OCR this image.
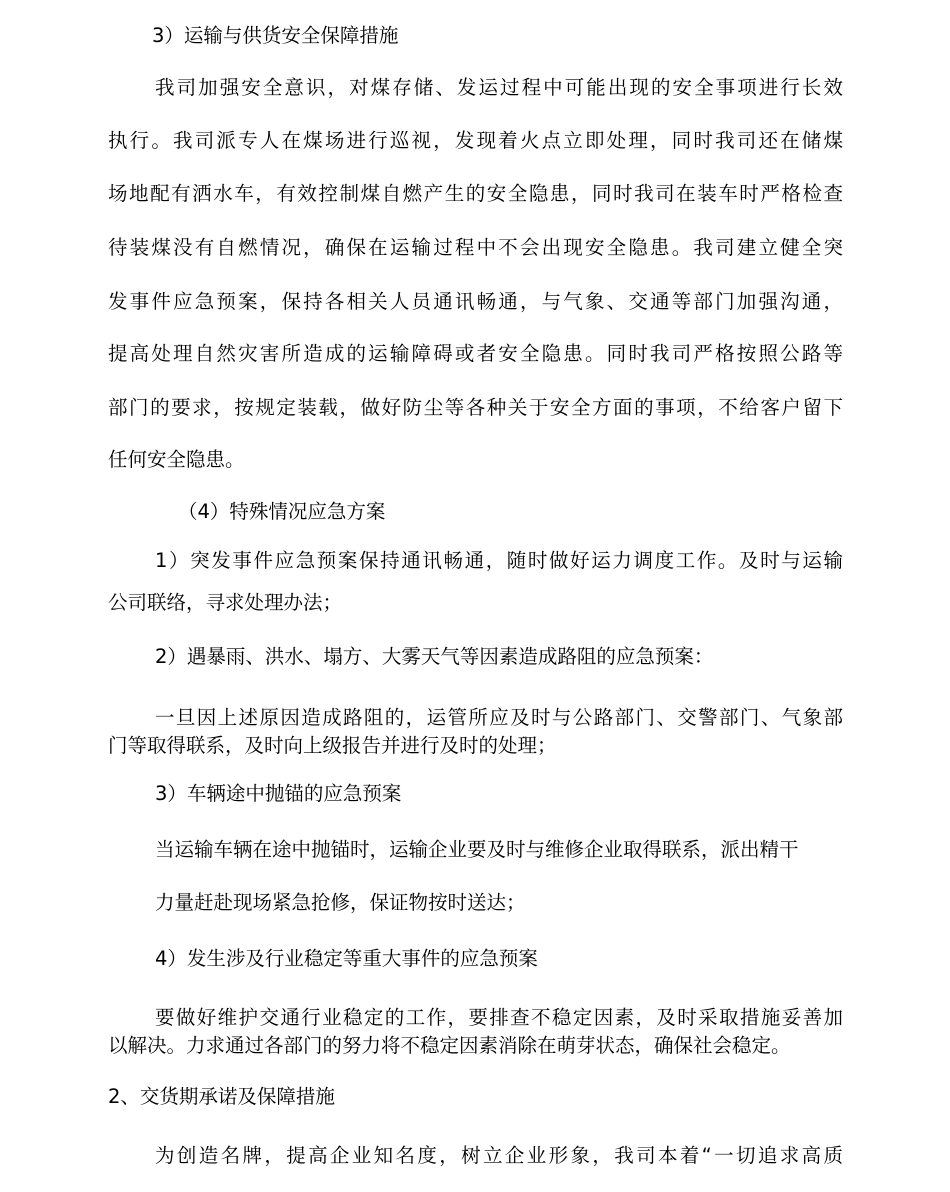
3）运输与供货安全保障措施
我司加强安全意识，对煤存储、发运过程中可能出现的安全事项进行长效
执行。我司派专人在煤场进行巡视，发现着火点立即处理，同时我司还在储煤
场地配有洒水车，有效控制煤自燃产生的安全隐患，同时我司在装车时严格检查
待装煤没有自燃情况，确保在运输过程中不会出现安全隐患。我司建立健全突
发事件应急预案，保持各相关人员通讯畅通，与气象、交通等部门加强沟通，
提高处理自然灾害所造成的运输障碍或者安全隐患。同时我司严格按照公路等
部门的要求，按规定装载，做好防尘等各种关于安全方面的事项，不给客户留下
任何安全隐患。
（4）特殊情况应急方案
1）突发事件应急预案保持通讯畅通，随时做好运力调度工作。及时与运输
公司联络，寻求处理办法；
2）遇暴雨、洪水、塌方、大雾天气等因素造成路阻的应急预案：
一旦因上述原因造成路阻的，运管所应及时与公路部门、交警部门、气象部
门等取得联系，及时向上级报告并进行及时的处理；
3）车辆途中抛锚的应急预案
当运输车辆在途中抛锚时，运输企业要及时与维修企业取得联系，派出精干
力量赶赴现场紧急抢修，保证物按时送达；
4）发生涉及行业稳定等重大事件的应急预案
要做好维护交通行业稳定的工作，要排查不稳定因素，及时采取措施妥善加
以解决。力求通过各部门的努力将不稳定因素消除在萌芽状态，确保社会稳定。
2、交货期承诺及保障措施
为创造名牌，提高企业知名度，树立企业形象，我司本着“一切追求高质
